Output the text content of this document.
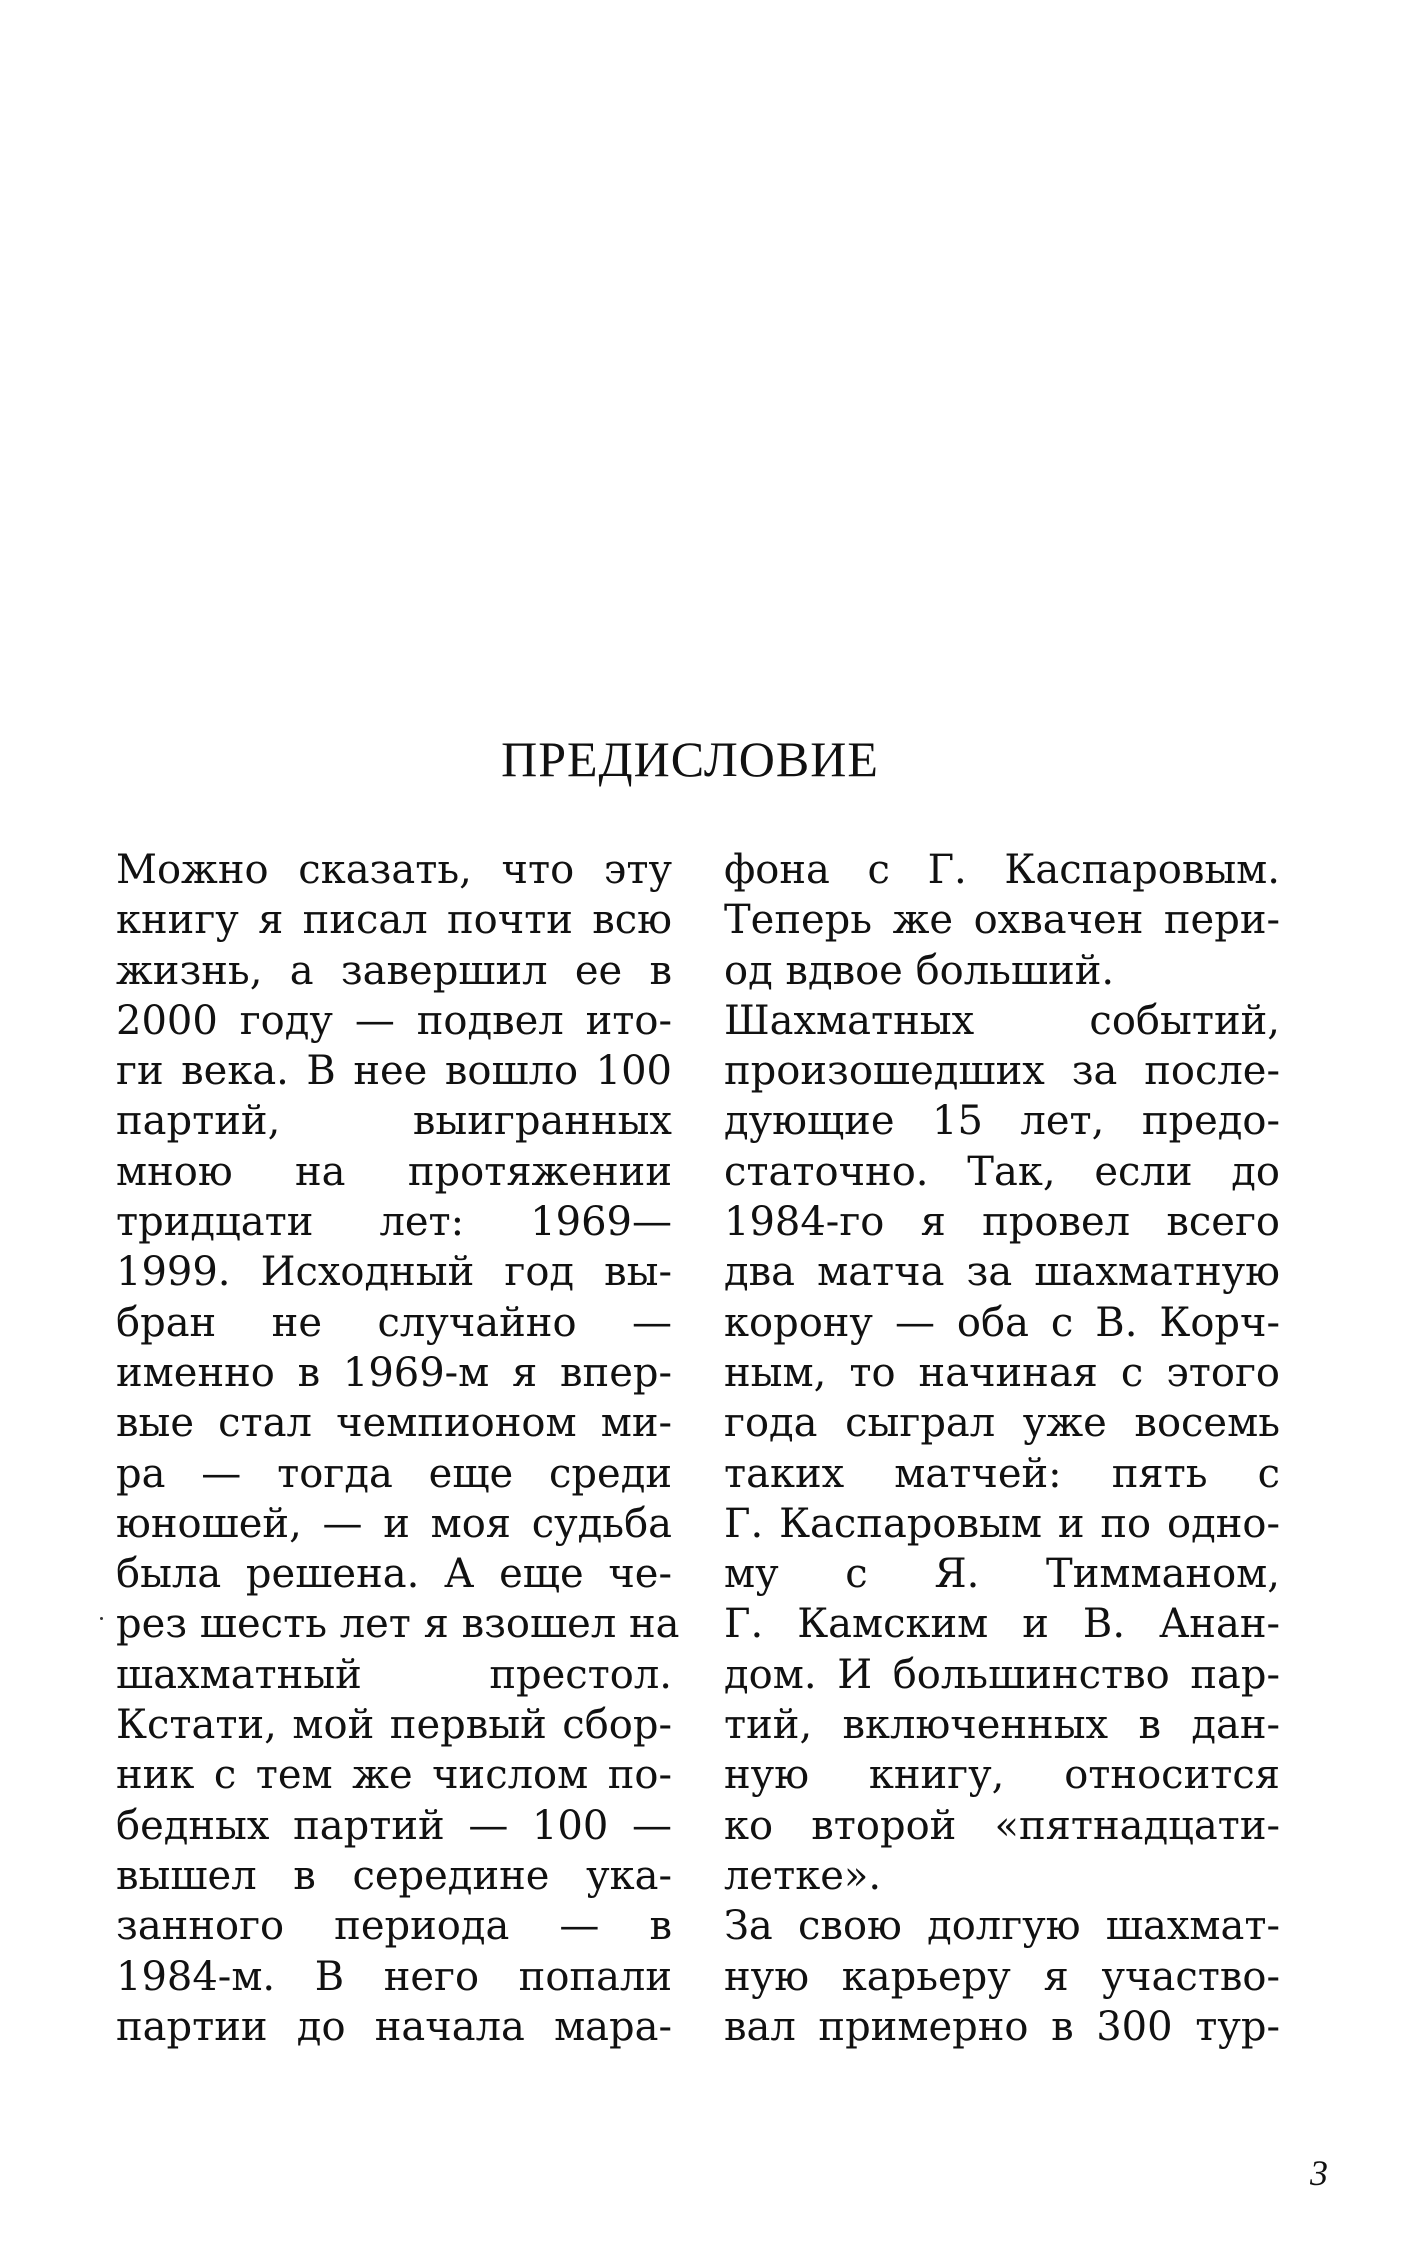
ПРЕДИСЛОВИЕ
Можно сказать, что эту
книгу я писал почти всю
жизнь, а завершил ее в
2000 году — подвел ито-
ги века. В нее вошло 100
партий, выигранных
мною на протяжении
тридцати лет: 1969—
1999. Исходный год вы-
бран не случайно —
именно в 1969-м я впер-
вые стал чемпионом ми-
ра — тогда еще среди
юношей, — и моя судьба
была решена. А еще че-
рез шесть лет я взошел на
шахматный престол.
Кстати, мой первый сбор-
ник с тем же числом по-
бедных партий — 100 —
вышел в середине ука-
занного периода — в
1984-м. В него попали
партии до начала мара-
фона с Г. Каспаровым.
Теперь же охвачен пери-
од вдвое больший.
Шахматных событий,
произошедших за после-
дующие 15 лет, предо-
статочно. Так, если до
1984-го я провел всего
два матча за шахматную
корону — оба с В. Корч-
ным, то начиная с этого
года сыграл уже восемь
таких матчей: пять с
Г. Каспаровым и по одно-
му с Я. Тимманом,
Г. Камским и В. Анан-
дом. И большинство пар-
тий, включенных в дан-
ную книгу, относится
ко второй «пятнадцати-
летке».
За свою долгую шахмат-
ную карьеру я участво-
вал примерно в 300 тур-
3
